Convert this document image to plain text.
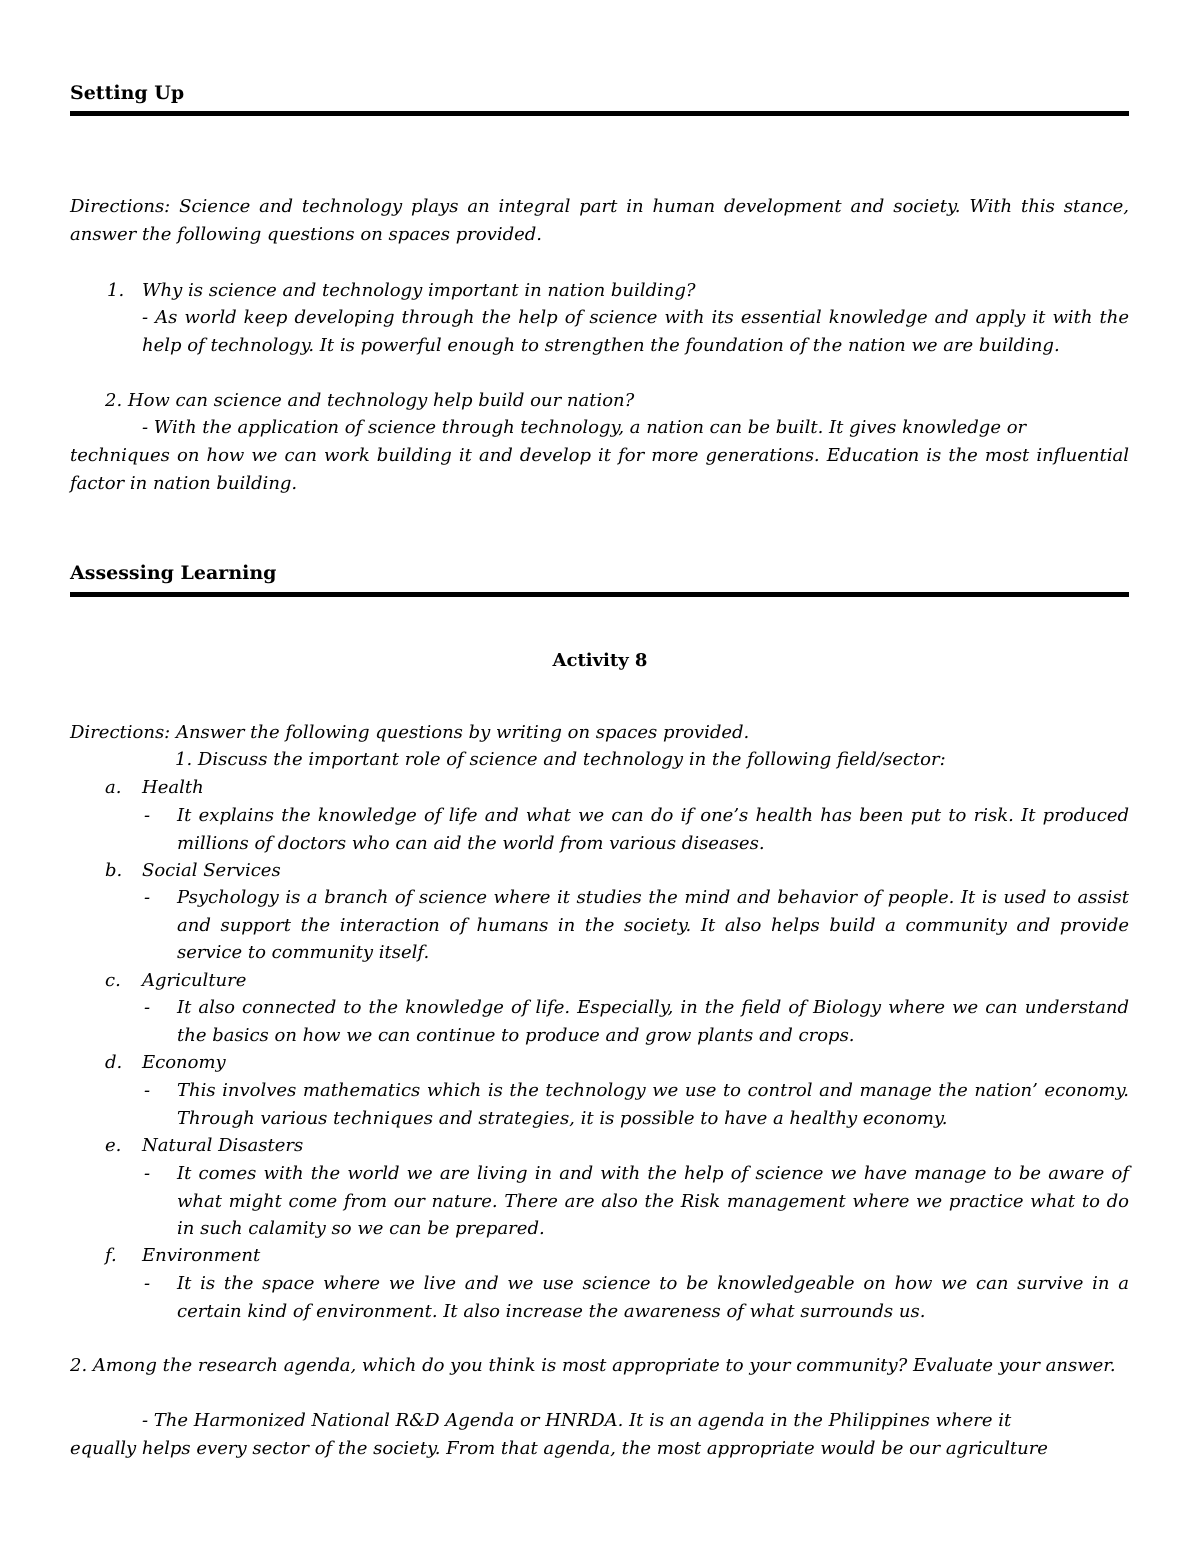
Setting Up

Directions: Science and technology plays an integral part in human development and society. With this stance, answer the following questions on spaces provided.

1. Why is science and technology important in nation building?

- As world keep developing through the help of science with its essential knowledge and apply it with the help of technology. It is powerful enough to strengthen the foundation of the nation we are building.

2. How can science and technology help build our nation?

- With the application of science through technology, a nation can be built. It gives knowledge or

techniques on how we can work building it and develop it for more generations. Education is the most influential factor in nation building.

Assessing Learning
Activity 8

Directions: Answer the following questions by writing on spaces provided.

1. Discuss the important role of science and technology in the following field/sector:

a. Health
- It explains the knowledge of life and what we can do if one’s health has been put to risk. It produced millions of doctors who can aid the world from various diseases.

b. Social Services
- Psychology is a branch of science where it studies the mind and behavior of people. It is used to assist and support the interaction of humans in the society. It also helps build a community and provide service to community itself.

c. Agriculture
- It also connected to the knowledge of life. Especially, in the field of Biology where we can understand the basics on how we can continue to produce and grow plants and crops.

d. Economy
- This involves mathematics which is the technology we use to control and manage the nation’ economy. Through various techniques and strategies, it is possible to have a healthy economy.

e. Natural Disasters
- It comes with the world we are living in and with the help of science we have manage to be aware of what might come from our nature. There are also the Risk management where we practice what to do in such calamity so we can be prepared.

f. Environment
- It is the space where we live and we use science to be knowledgeable on how we can survive in a certain kind of environment. It also increase the awareness of what surrounds us.

2. Among the research agenda, which do you think is most appropriate to your community? Evaluate your answer.

- The Harmonized National R&D Agenda or HNRDA. It is an agenda in the Philippines where it

equally helps every sector of the society. From that agenda, the most appropriate would be our agriculture
